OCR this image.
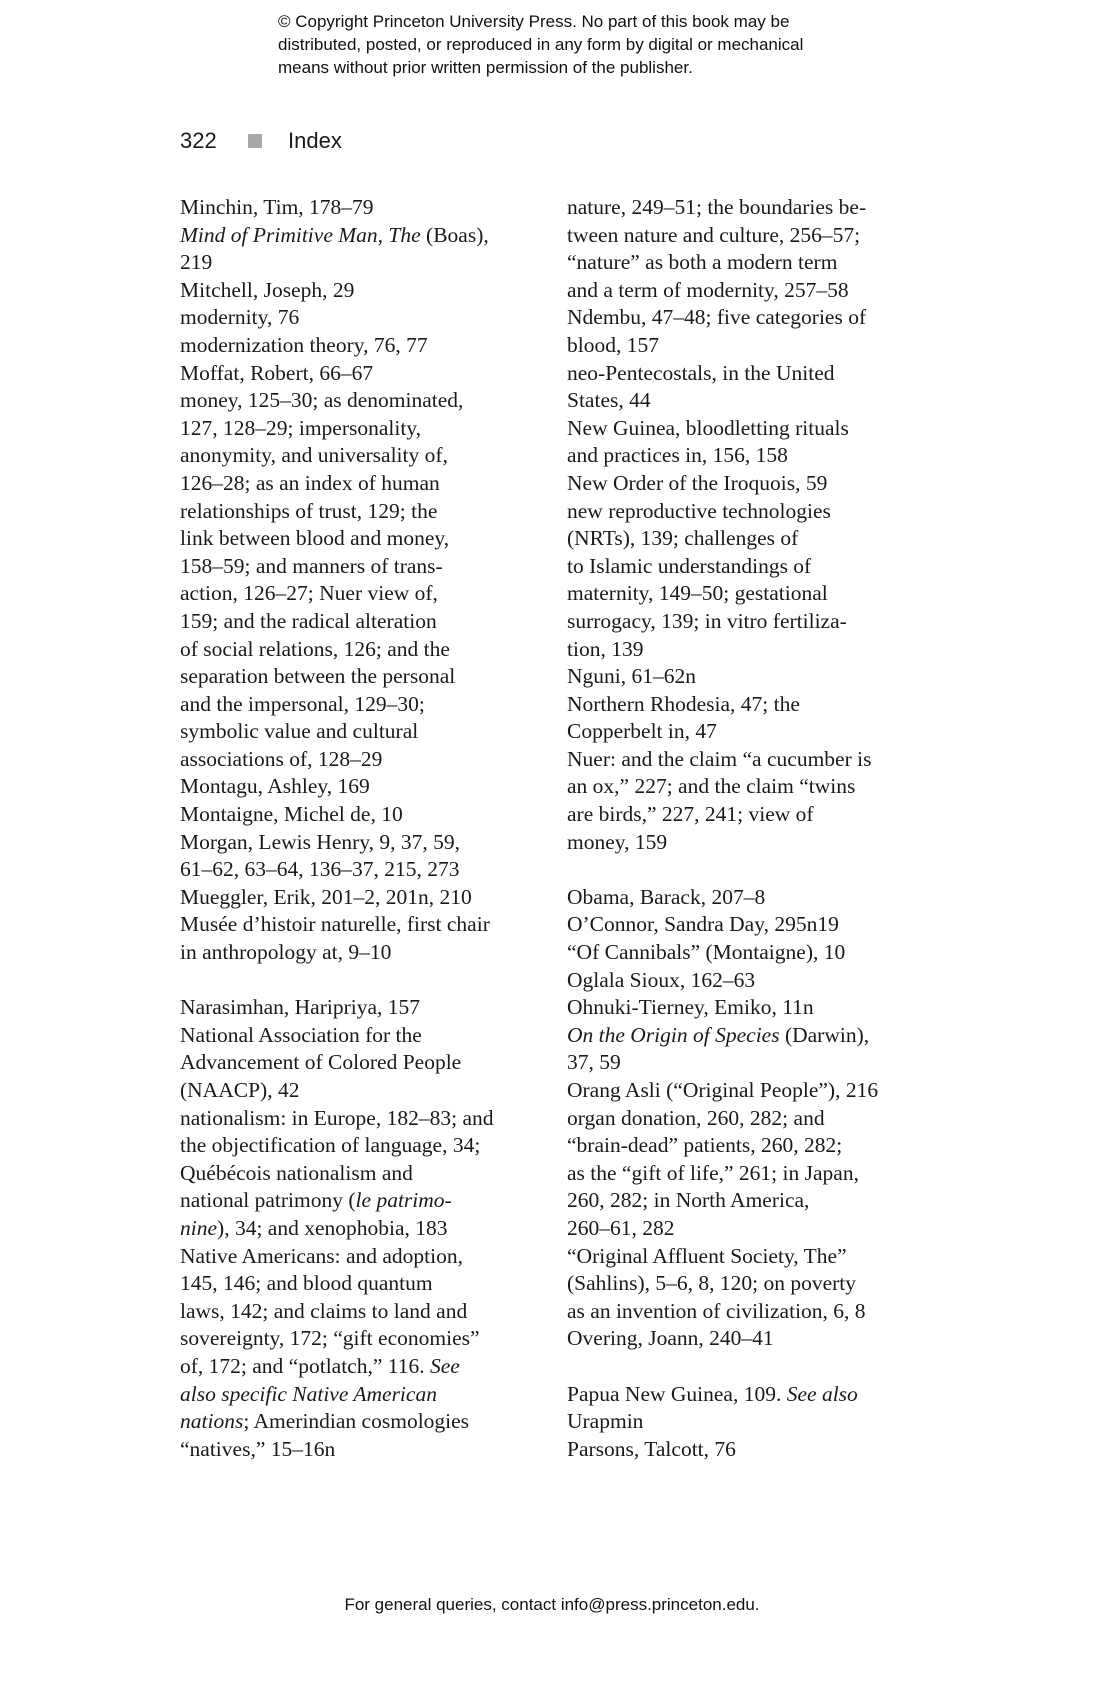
© Copyright Princeton University Press. No part of this book may be
distributed, posted, or reproduced in any form by digital or mechanical
means without prior written permission of the publisher.
322	Index
Minchin, Tim, 178–79
Mind of Primitive Man, The (Boas),
219
Mitchell, Joseph, 29
modernity, 76
modernization theory, 76, 77
Moffat, Robert, 66–67
money, 125–30; as denominated,
127, 128–29; impersonality,
anonymity, and universality of,
126–28; as an index of human
relationships of trust, 129; the
link between blood and money,
158–59; and manners of trans-
action, 126–27; Nuer view of,
159; and the radical alteration
of social relations, 126; and the
separation between the personal
and the impersonal, 129–30;
symbolic value and cultural
associations of, 128–29
Montagu, Ashley, 169
Montaigne, Michel de, 10
Morgan, Lewis Henry, 9, 37, 59,
61–62, 63–64, 136–37, 215, 273
Mueggler, Erik, 201–2, 201n, 210
Musée d’histoir naturelle, first chair
in anthropology at, 9–10
Narasimhan, Haripriya, 157
National Association for the
Advancement of Colored People
(NAACP), 42
nationalism: in Europe, 182–83; and
the objectification of language, 34;
Québécois nationalism and
national patrimony (le patrimo-
nine), 34; and xenophobia, 183
Native Americans: and adoption,
145, 146; and blood quantum
laws, 142; and claims to land and
sovereignty, 172; “gift economies”
of, 172; and “potlatch,” 116. See
also specific Native American
nations; Amerindian cosmologies
“natives,” 15–16n
nature, 249–51; the boundaries be-
tween nature and culture, 256–57;
“nature” as both a modern term
and a term of modernity, 257–58
Ndembu, 47–48; five categories of
blood, 157
neo-Pentecostals, in the United
States, 44
New Guinea, bloodletting rituals
and practices in, 156, 158
New Order of the Iroquois, 59
new reproductive technologies
(NRTs), 139; challenges of
to Islamic understandings of
maternity, 149–50; gestational
surrogacy, 139; in vitro fertiliza-
tion, 139
Nguni, 61–62n
Northern Rhodesia, 47; the
Copperbelt in, 47
Nuer: and the claim “a cucumber is
an ox,” 227; and the claim “twins
are birds,” 227, 241; view of
money, 159
Obama, Barack, 207–8
O’Connor, Sandra Day, 295n19
“Of Cannibals” (Montaigne), 10
Oglala Sioux, 162–63
Ohnuki-Tierney, Emiko, 11n
On the Origin of Species (Darwin),
37, 59
Orang Asli (“Original People”), 216
organ donation, 260, 282; and
“brain-dead” patients, 260, 282;
as the “gift of life,” 261; in Japan,
260, 282; in North America,
260–61, 282
“Original Affluent Society, The”
(Sahlins), 5–6, 8, 120; on poverty
as an invention of civilization, 6, 8
Overing, Joann, 240–41
Papua New Guinea, 109. See also
Urapmin
Parsons, Talcott, 76
For general queries, contact info@press.princeton.edu.
